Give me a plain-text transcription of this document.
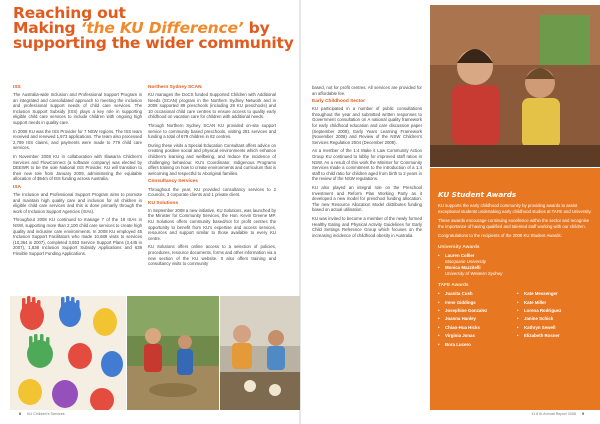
Reaching out
Making ‘the KU Difference’ by
supporting the wider community
ISS

The Australia-wide Inclusion and Professional Support Program is an integrated and consolidated approach to meeting the inclusion and professional support needs of child care services. The Inclusion Support Subsidy (ISS) plays a key role in supporting eligible child care services to include children with ongoing high support needs in quality care.

In 2008 KU was the ISS Provider for 7 NSW regions. The ISS team received and renewed 1,973 applications. The team also processed 2,789 ISS claims, and payments were made to 779 child care services.

In November 2008 KU in collaboration with Illawarra Children's Services and FlowConnect (a software company) was elected by DEEWR to be the sole National ISS Provider. KU will transition to their new role from January 2009, administering the equitable allocation of $54m of ISS funding across Australia.

ISA

The Inclusion and Professional Support Program aims to promote and maintain high quality care and inclusion for all children in eligible child care services and this is done primarily through the work of Inclusion Support Agencies (ISAs).

Throughout 2008 KU continued to manage 7 of the 18 ISAs in NSW, supporting more than 2,100 child care services to create high quality and inclusive care environments. In 2008 KU employed 45 Inclusion Support Facilitators who made 10,689 visits to services (10,364 in 2007), completed 3,653 Service Support Plans (3,445 in 2007), 1,838 Inclusion Support Subsidy Applications and 639 Flexible Support Funding Applications.

Northern Sydney SCAN

KU manages the DoCS funded Supported Children with Additional Needs (SCAN) program in the Northern Sydney Network and in 2008 supported 89 preschools (including 28 KU preschools) and 10 occasional child care centres to ensure access to quality early childhood on vacation care for children with additional needs.

Through Northern Sydney SCAN KU provided on-site support service to community based preschools, visiting 281 services and funding a total of 679 children in 82 centres.

During these visits a Special Education Consultant offers advice on creating positive social and physical environments which enhance children's learning and wellbeing, and reduce the incidence of challenging behaviour. KU's Coordinator, Indigenous Programs offers training on how to create environments and curriculum that is welcoming and respectful to Aboriginal families.

Consultancy Services

Throughout the year, KU provided consultancy services to 2 Councils, 3 corporate clients and 1 private client.

KU Solutions

In September 2008 a new initiative, KU Solutions, was launched by the Minister for Community Services, the Hon. Kevin Greene MP. KU Solutions offers community based/not for profit centres the opportunity to benefit from KU's expertise and access services, resources and support similar to those available to every KU centre.

KU Solutions offers online access to a selection of policies, procedures, resource documents, forms and other information via a new section of the KU website. It also offers training and consultancy visits to community

based, not for profit centres. All services are provided for an affordable fee.

Early Childhood Sector

KU participated in a number of public consultations throughout the year and submitted written responses to Government consultation on A national quality framework for early childhood education and care discussion paper (September 2008), Early Years Learning Framework (November 2008) and Review of the NSW Children's Services Regulation 2004 (December 2008).

As a member of the 1:4 Make it Law Community Action Group KU continued to lobby for improved staff ratios in NSW. As a result of this work the Minister for Community Services made a commitment to the introduction of a 1:4 staff to child ratio for children aged from birth to 2 years in the review of the NSW regulations.

KU also played an integral role on the Preschool Investment and Reform Plan Working Party as it developed a new model for preschool funding allocation. The new Resource Allocation Model distributes funding based on actual utilisation.

KU was invited to become a member of the newly formed Healthy Eating and Physical Activity Guidelines for Early Child Settings Reference Group which focuses on the increasing incidence of childhood obesity in Australia.

KU Student Awards

KU supports the early childhood community by providing awards to assist exceptional students undertaking early childhood studies at TAFE and University.

These awards encourage continuing excellence within the sector and recognise the importance of having qualified and talented staff working with our children.

Congratulations to the recipients of the 2008 KU Student Awards:

University Awards
• Lauren Collier
Macquarie University
• Monica Mazzitelli
University of Western Sydney
TAFE Awards
• Juanita Cush
• Irene Giddings
• Josephine Gonzalez
• Joanna Hanley
• Chiao-Hua Hicks
• Virginia Jonas
• Bora Lucero
• Kate Messenger
• Kate Miller
• Lorena Rodriguez
• Janine Schick
• Kathryn Sewell
• Elizabeth Rosner
8 KU Children's Services	11 8 th Annual Report 2008 9
